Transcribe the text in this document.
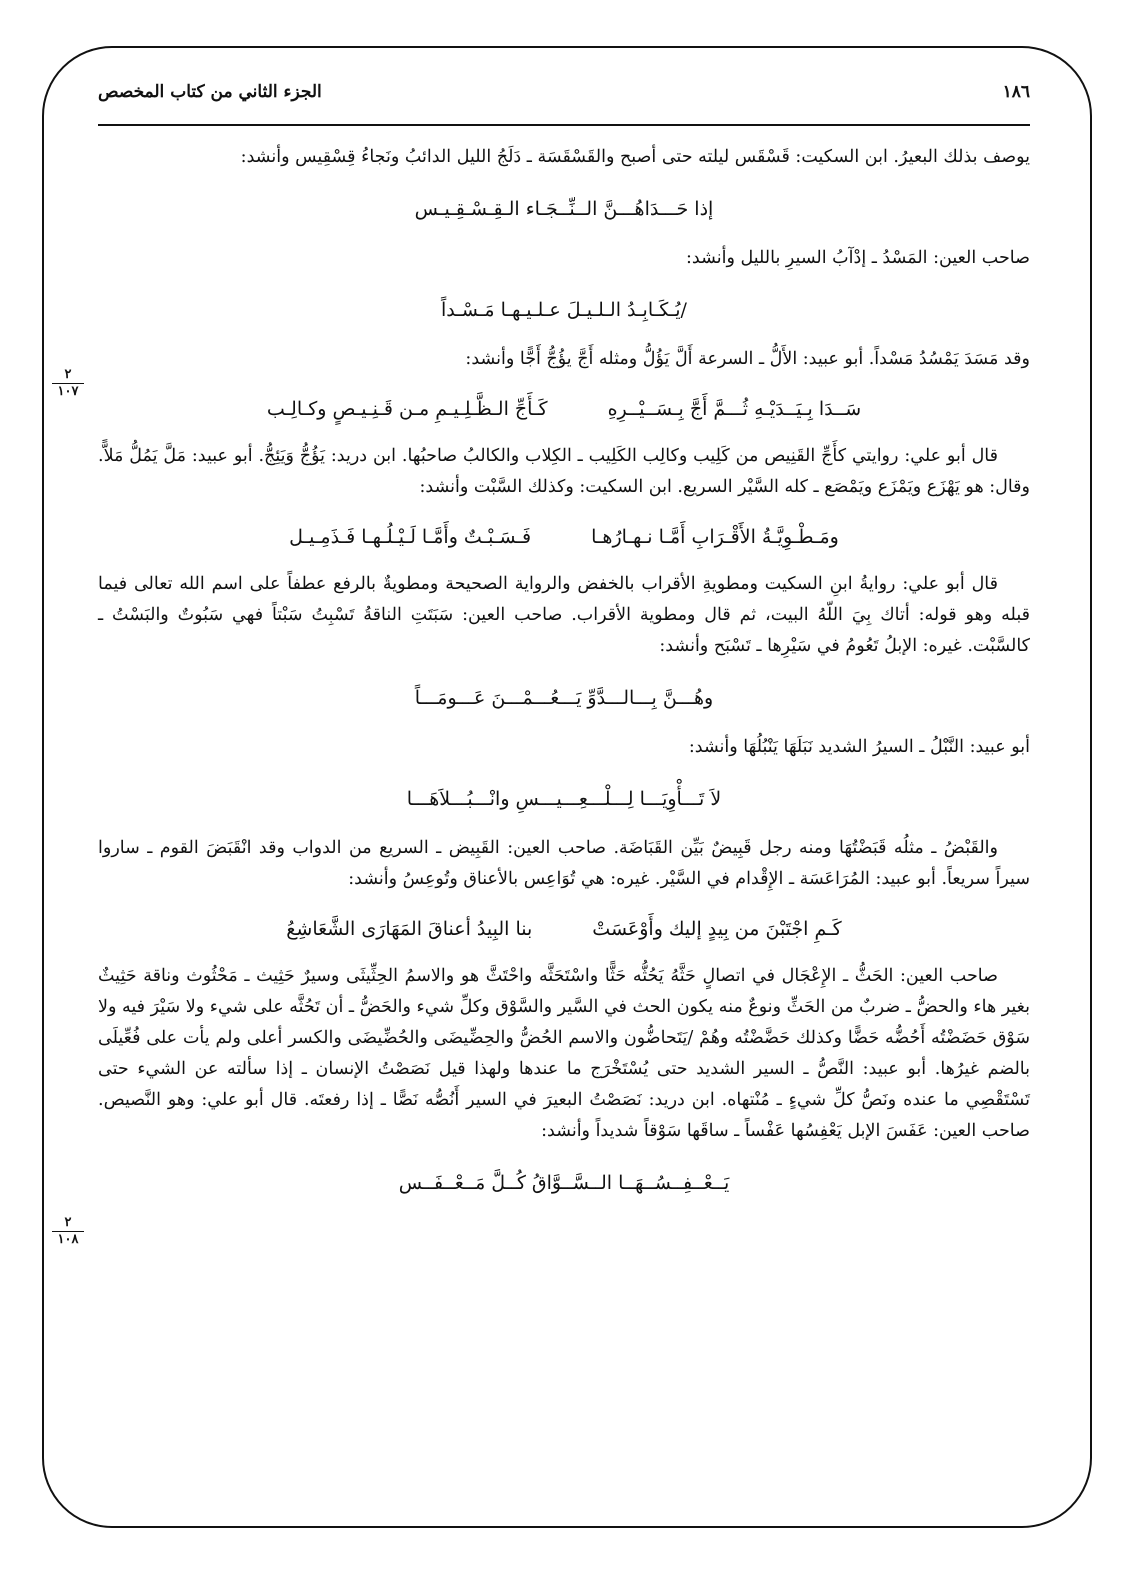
١٨٦
الجزء الثاني من كتاب المخصص
٢
١٠٧
٢
١٠٨

يوصف بذلك البعيرُ. ابن السكيت: قَسْقَس ليلته حتى أصبح والقَسْقَسَة ـ دَلَجُ الليل الدائبُ ونَجاءُ قِسْقِيس وأنشد:

إذا حَـــدَاهُـــنَّ الــنِّــجَـاء الـقِـسْـقِـيـس

صاحب العين: المَسْدُ ـ إدْآبُ السيرِ بالليل وأنشد:

/يُـكَـابِـدُ الـلـيـلَ عـلـيـهـا مَـسْـداً

وقد مَسَدَ يَمْسُدُ مَسْداً. أبو عبيد: الأَلُّ ـ السرعة أَلَّ يَؤُلُّ ومثله أَجَّ يؤُجُّ أَجًّا وأنشد:

سَــدَا بِـيَــدَيْـهِ ثُـــمَّ أَجَّ بِـسَــيْــرِهِ
كَـأَجِّ الـظَّـلِـيـمِ مـن قَـنِـيـصٍ وكـالِـب

قال أبو علي: روايتي كأَجِّ القَنِيص من كَلِيب وكالِب الكَلِيب ـ الكِلاب والكالبُ صاحبُها. ابن دريد: يَؤُجُّ وَيَئِجُّ. أبو عبيد: مَلَّ يَمُلُّ مَلاًّ. وقال: هو يَهْزَع ويَمْزَع ويَمْصَع ـ كله السَّيْر السريع. ابن السكيت: وكذلك السَّبْت وأنشد:

ومَـطْـوِيَّـةُ الأَقْـرَابِ أَمَّـا نـهـارُهـا
فَـسَـبْـتٌ وأَمَّـا لَـيْـلُـهـا فَـذَمِـيـل

قال أبو علي: روايةُ ابنِ السكيت ومطويةِ الأقراب بالخفض والرواية الصحيحة ومطويةٌ بالرفع عطفاً على اسم الله تعالى فيما قبله وهو قوله: أتاك بِيَ اللّهُ البيت، ثم قال ومطوية الأقراب. صاحب العين: سَبَتَتِ الناقةُ تَسْبِتُ سَبْتاً فهي سَبُوتٌ والبَسْتُ ـ كالسَّبْت. غيره: الإبلُ تَعُومُ في سَيْرِها ـ تَسْبَح وأنشد:

وهُـــنَّ بِـــالـــدَّوِّ يَـــعُـــمْـــنَ عَـــومَـــاً

أبو عبيد: النَّبْلُ ـ السيرُ الشديد نَبَلَهَا يَنْبُلُهَا وأنشد:

لاَ تَـــأْوِيَـــا لِـــلْـــعِـــيـــسِ وانْـــبُـــلاَهَـــا

والقَبْضُ ـ مثلُه قَبَضْتُهَا ومنه رجل قَبِيضٌ بَيِّن القَبَاضَة. صاحب العين: القَبِيض ـ السريع من الدواب وقد انْقَبَضَ القوم ـ ساروا سيراً سريعاً. أبو عبيد: المُرَاعَسَة ـ الإِقْدام في السَّيْر. غيره: هي تُوَاعِس بالأعناق وتُوعِسُ وأنشد:

كَـمِ اجْتَبْنَ من بِيدٍ إليك وأَوْعَسَتْ
بنا البِيدُ أعناقَ المَهَارَى الشَّعَاشِعُ

صاحب العين: الحَثُّ ـ الإِعْجَال في اتصالٍ حَثَّهُ يَحُثُّه حَثًّا واسْتَحَثَّه واحْتَثَّ هو والاسمُ الحِثِّيثَى وسيرٌ حَثِيث ـ مَحْثُوث وناقة حَثِيثٌ بغير هاء والحضُّ ـ ضربٌ من الحَثِّ ونوعٌ منه يكون الحث في السَّير والسَّوْق وكلِّ شيء والحَضُّ ـ أن تَحُثَّه على شيء ولا سَيْرَ فيه ولا سَوْق حَضَضْتُه أَحُضُّه حَضًّا وكذلك حَضَّضْتُه وهُمْ /يَتَحاضُّون والاسم الحُضُّ والحِضِّيضَى والحُضِّيضَى والكسر أعلى ولم يأت على فُعِّيلَى بالضم غيرُها. أبو عبيد: النَّصُّ ـ السير الشديد حتى يُسْتَخْرَج ما عندها ولهذا قيل نَصَصْتُ الإنسان ـ إذا سألته عن الشيء حتى تَسْتَقْصِي ما عنده ونَصُّ كلِّ شيءٍ ـ مُنْتهاه. ابن دريد: نَصَصْتُ البعيرَ في السير أَنُصُّه نَصًّا ـ إذا رفعتَه. قال أبو علي: وهو النَّصيص. صاحب العين: عَفَسَ الإبل يَعْفِسُها عَفْساً ـ ساقَها سَوْقاً شديداً وأنشد:

يَــعْــفِــسُــهَــا الــسَّــوَّاقُ كُــلَّ مَــعْــفَــس
